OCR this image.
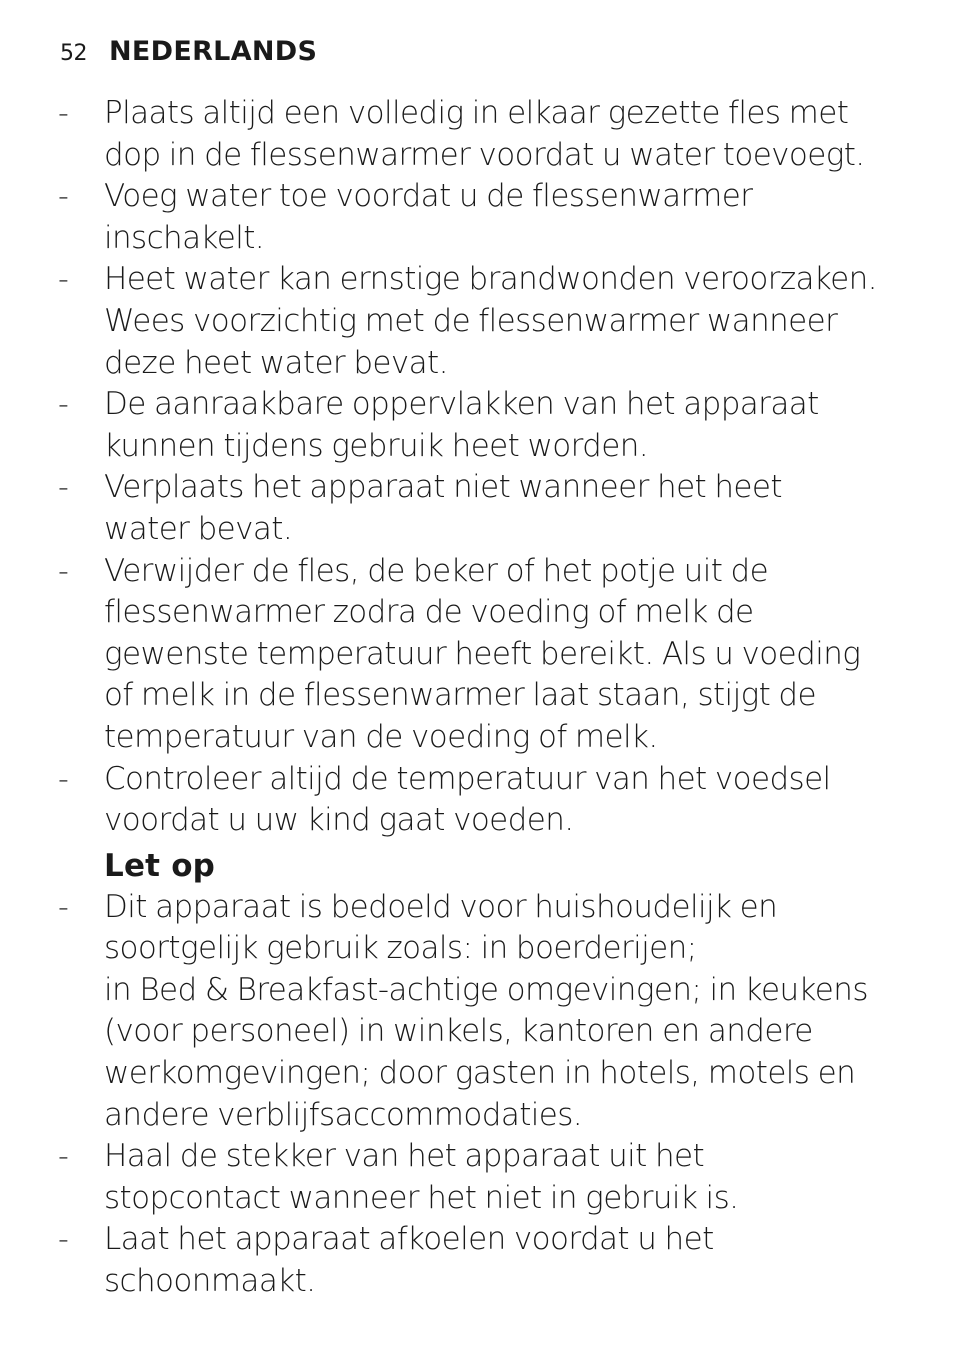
52 NEDERLANDS
-	Plaats altijd een volledig in elkaar gezette fles met
dop in de flessenwarmer voordat u water toevoegt.
-	Voeg water toe voordat u de flessenwarmer inschakelt.
-	Heet water kan ernstige brandwonden veroorzaken.
Wees voorzichtig met de flessenwarmer wanneer
deze heet water bevat.
-	De aanraakbare oppervlakken van het apparaat
kunnen tijdens gebruik heet worden.
-	Verplaats het apparaat niet wanneer het heet
water bevat.
-	Verwijder de fles, de beker of het potje uit de
flessenwarmer zodra de voeding of melk de
gewenste temperatuur heeft bereikt. Als u voeding
of melk in de flessenwarmer laat staan, stijgt de
temperatuur van de voeding of melk.
-	Controleer altijd de temperatuur van het voedsel
voordat u uw kind gaat voeden.
Let op
-	Dit apparaat is bedoeld voor huishoudelijk en
soortgelijk gebruik zoals: in boerderijen;
in Bed & Breakfast-achtige omgevingen; in keukens
(voor personeel) in winkels, kantoren en andere
werkomgevingen; door gasten in hotels, motels en
andere verblijfsaccommodaties.
-	Haal de stekker van het apparaat uit het
stopcontact wanneer het niet in gebruik is.
-	Laat het apparaat afkoelen voordat u het
schoonmaakt.
